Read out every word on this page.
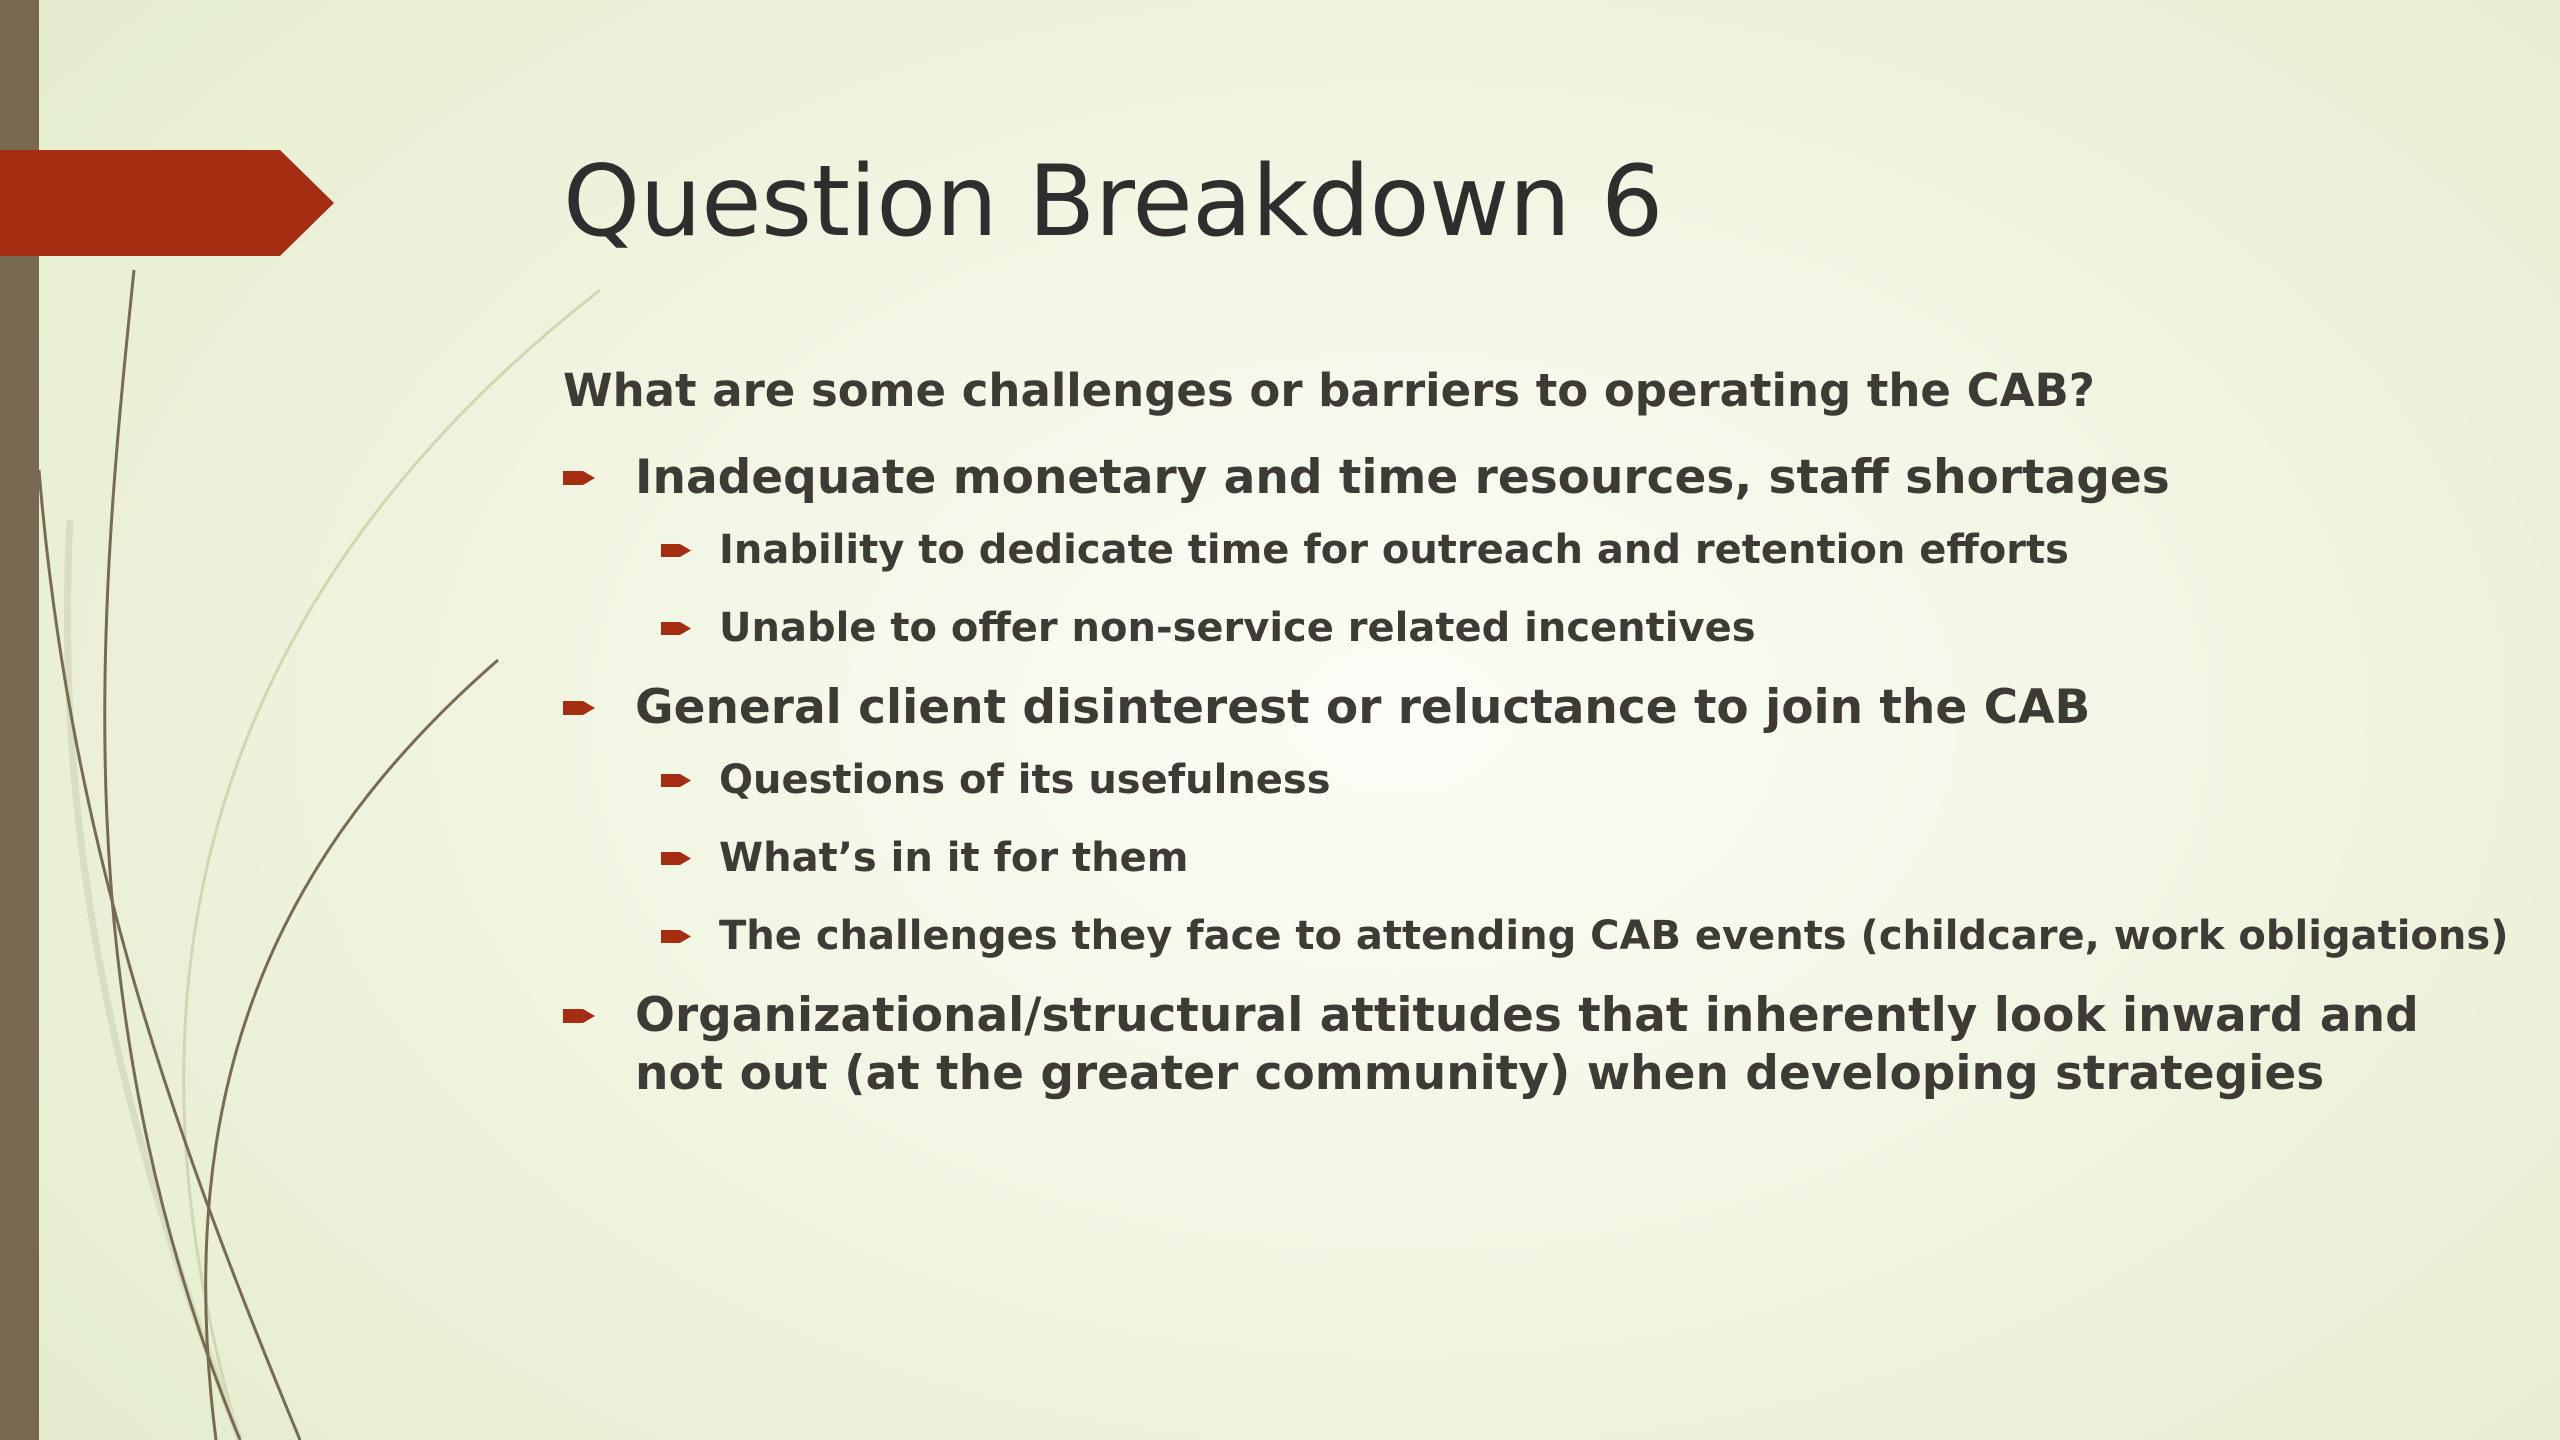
Question Breakdown 6
What are some challenges or barriers to operating the CAB?
Inadequate monetary and time resources, staff shortages
Inability to dedicate time for outreach and retention efforts
Unable to offer non-service related incentives
General client disinterest or reluctance to join the CAB
Questions of its usefulness
What’s in it for them
The challenges they face to attending CAB events (childcare, work obligations)
Organizational/structural attitudes that inherently look inward and not out (at the greater community) when developing strategies
